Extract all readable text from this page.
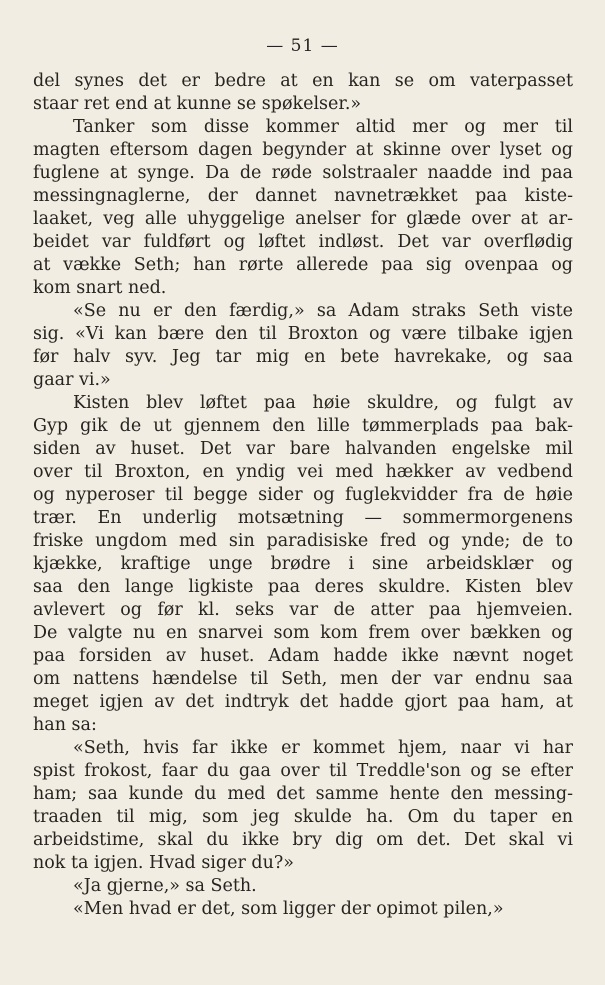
— 51 —
del synes det er bedre at en kan se om vaterpasset
staar ret end at kunne se spøkelser.»
Tanker som disse kommer altid mer og mer til
magten eftersom dagen begynder at skinne over lyset og
fuglene at synge. Da de røde solstraaler naadde ind paa
messingnaglerne, der dannet navnetrækket paa kiste-
laaket, veg alle uhyggelige anelser for glæde over at ar-
beidet var fuldført og løftet indløst. Det var overflødig
at vække Seth; han rørte allerede paa sig ovenpaa og
kom snart ned.
«Se nu er den færdig,» sa Adam straks Seth viste
sig. «Vi kan bære den til Broxton og være tilbake igjen
før halv syv. Jeg tar mig en bete havrekake, og saa
gaar vi.»
Kisten blev løftet paa høie skuldre, og fulgt av
Gyp gik de ut gjennem den lille tømmerplads paa bak-
siden av huset. Det var bare halvanden engelske mil
over til Broxton, en yndig vei med hækker av vedbend
og nyperoser til begge sider og fuglekvidder fra de høie
trær. En underlig motsætning — sommermorgenens
friske ungdom med sin paradisiske fred og ynde; de to
kjække, kraftige unge brødre i sine arbeidsklær og
saa den lange ligkiste paa deres skuldre. Kisten blev
avlevert og før kl. seks var de atter paa hjemveien.
De valgte nu en snarvei som kom frem over bækken og
paa forsiden av huset. Adam hadde ikke nævnt noget
om nattens hændelse til Seth, men der var endnu saa
meget igjen av det indtryk det hadde gjort paa ham, at
han sa:
«Seth, hvis far ikke er kommet hjem, naar vi har
spist frokost, faar du gaa over til Treddle'son og se efter
ham; saa kunde du med det samme hente den messing-
traaden til mig, som jeg skulde ha. Om du taper en
arbeidstime, skal du ikke bry dig om det. Det skal vi
nok ta igjen. Hvad siger du?»
«Ja gjerne,» sa Seth.
«Men hvad er det, som ligger der opimot pilen,»
